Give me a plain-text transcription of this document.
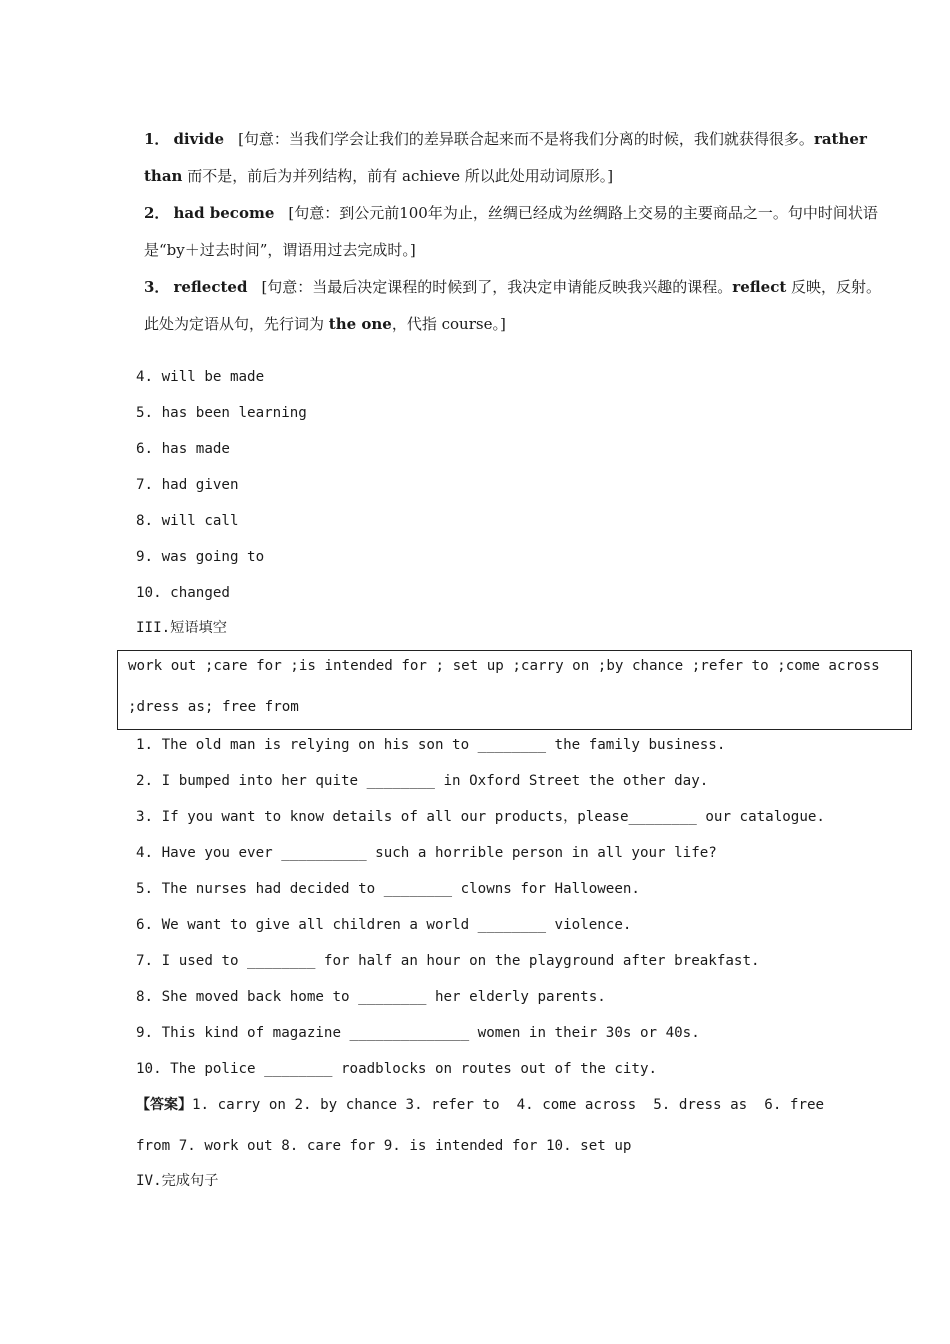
1． divide [句意：当我们学会让我们的差异联合起来而不是将我们分离的时候，我们就获得很多。rather
than 而不是，前后为并列结构，前有 achieve 所以此处用动词原形。]
2． had become [句意：到公元前100年为止，丝绸已经成为丝绸路上交易的主要商品之一。句中时间状语
是“by＋过去时间”，谓语用过去完成时。]
3． reflected [句意：当最后决定课程的时候到了，我决定申请能反映我兴趣的课程。reflect 反映，反射。
此处为定语从句，先行词为 the one，代指 course。]
4. will be made
5. has been learning
6. has made
7. had given
8. will call
9. was going to
10. changed
III.短语填空
work out ;care for ;is intended for ; set up ;carry on ;by chance ;refer to ;come across
;dress as; free from
1. The old man is relying on his son to ________ the family business.
2. I bumped into her quite ________ in Oxford Street the other day.
3. If you want to know details of all our products，please________ our catalogue.
4. Have you ever __________ such a horrible person in all your life?
5. The nurses had decided to ________ clowns for Halloween.
6. We want to give all children a world ________ violence.
7. I used to ________ for half an hour on the playground after breakfast.
8. She moved back home to ________ her elderly parents.
9. This kind of magazine ______________ women in their 30s or 40s.
10. The police ________ roadblocks on routes out of the city.
【答案】1. carry on 2. by chance 3. refer to  4. come across  5. dress as  6. free
from 7. work out 8. care for 9. is intended for 10. set up
IV.完成句子
